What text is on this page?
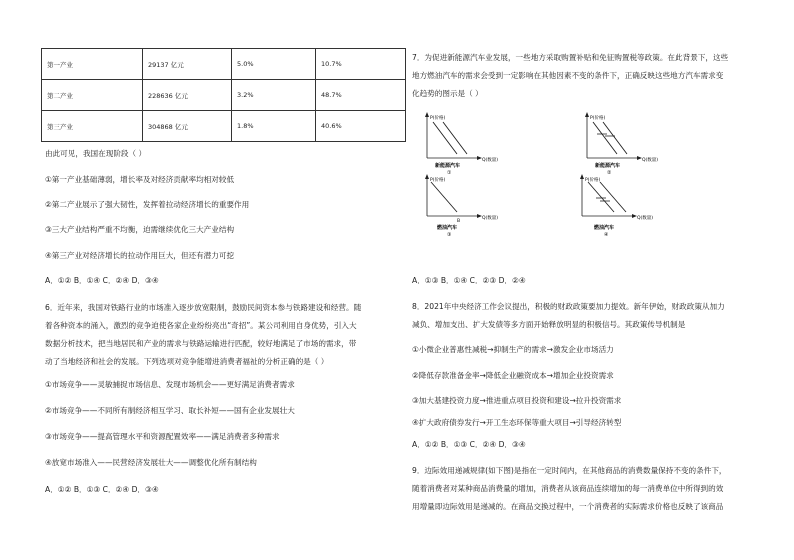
第一产业	29137 亿元	5.0%	10.7%
第二产业	228636 亿元	3.2%	48.7%
第三产业	304868 亿元	1.8%	40.6%
由此可见，我国在现阶段（ ）
①第一产业基础薄弱，增长率及对经济贡献率均相对较低
②第二产业展示了强大韧性，发挥着拉动经济增长的重要作用
③三大产业结构严重不均衡，迫需继续优化三大产业结构
④第三产业对经济增长的拉动作用巨大，但还有潜力可挖
A．①② B．①④ C．②④ D．③④
6．近年来，我国对铁路行业的市场准入逐步放宽限制，鼓励民间资本参与铁路建设和经营。随
着各种资本的涌入，激烈的竞争迫使各家企业纷纷亮出“奇招”。某公司利用自身优势，引入大
数据分析技术，把当地居民和产业的需求与铁路运输进行匹配，较好地满足了市场的需求，带
动了当地经济和社会的发展。下列选项对竞争能增进消费者福祉的分析正确的是（ ）
①市场竞争——灵敏捕捉市场信息、发现市场机会——更好满足消费者需求
②市场竞争——不同所有制经济相互学习、取长补短——国有企业发展壮大
③市场竞争——提高管理水平和资源配置效率——满足消费者多种需求
④放宽市场准入——民营经济发展壮大——调整优化所有制结构
A．①② B．①③ C．②④ D．③④
7．为促进新能源汽车业发展，一些地方采取购置补贴和免征购置税等政策。在此背景下，这些
地方燃油汽车的需求会受到一定影响在其他因素不变的条件下，正确反映这些地方汽车需求变
化趋势的图示是（ ）
P(价格)
Q(数量)
新能源汽车
①
P(价格)
Q(数量)
新能源汽车
②
P(价格)
Q(数量)
B
燃油汽车
③
P(价格)
Q(数量)
燃油汽车
④
A．①③ B．①④ C．②③ D．②④
8．2021年中央经济工作会议提出，积极的财政政策要加力提效。新年伊始，财政政策从加力
减负、增加支出、扩大发债等多方面开始释放明显的积极信号。其政策传导机制是
①小微企业普惠性减税→抑制生产的需求→激发企业市场活力
②降低存款准备金率→降低企业融资成本→增加企业投资需求
③加大基建投资力度→推进重点项目投资和建设→拉升投资需求
④扩大政府债券发行→开工生态环保等重大项目→引导经济转型
A．①② B．①③ C．②④ D．③④
9．边际效用递减规律(如下图)是指在一定时间内，在其他商品的消费数量保持不变的条件下，
随着消费者对某种商品消费量的增加，消费者从该商品连续增加的每一消费单位中所得到的效
用增量即边际效用是递减的。在商品交换过程中，一个消费者的实际需求价格也反映了该商品
